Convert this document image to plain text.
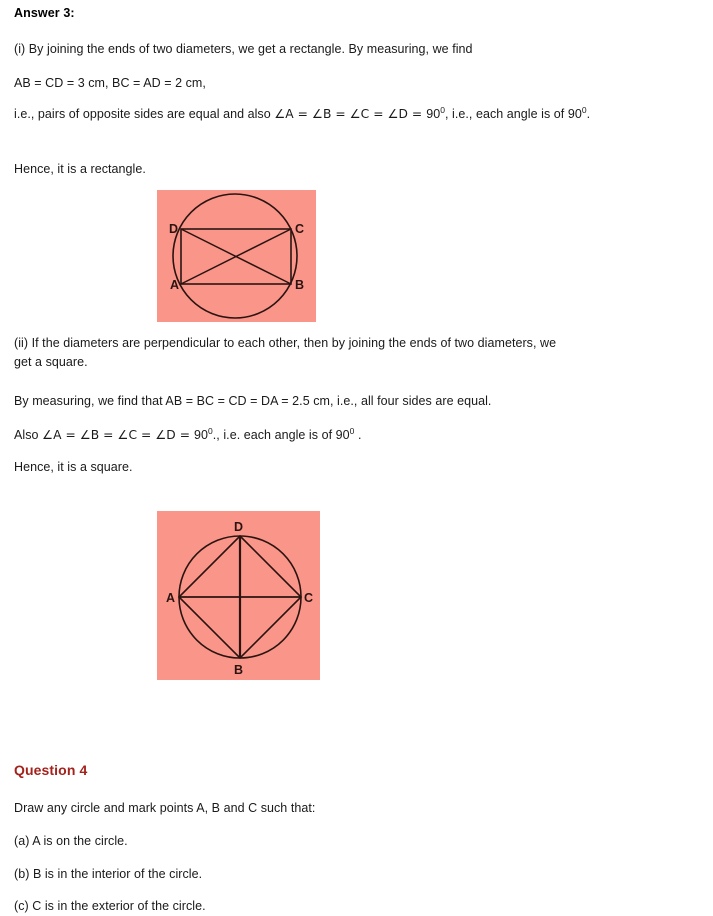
Answer 3:
(i) By joining the ends of two diameters, we get a rectangle. By measuring, we find
AB = CD = 3 cm, BC = AD = 2 cm,
i.e., pairs of opposite sides are equal and also ∠A = ∠B = ∠C = ∠D = $90^0$, i.e., each angle is of $90^0$.
Hence, it is a rectangle.
A	B
C
D
(ii) If the diameters are perpendicular to each other, then by joining the ends of two diameters, we get a square.
By measuring, we find that AB = BC = CD = DA = 2.5 cm, i.e., all four sides are equal.
Also ∠A = ∠B = ∠C = ∠D = $90^0$., i.e. each angle is of $90^0$ .
Hence, it is a square.
D
B
A	C
Question 4
Draw any circle and mark points A, B and C such that:
(a) A is on the circle.
(b) B is in the interior of the circle.
(c) C is in the exterior of the circle.
